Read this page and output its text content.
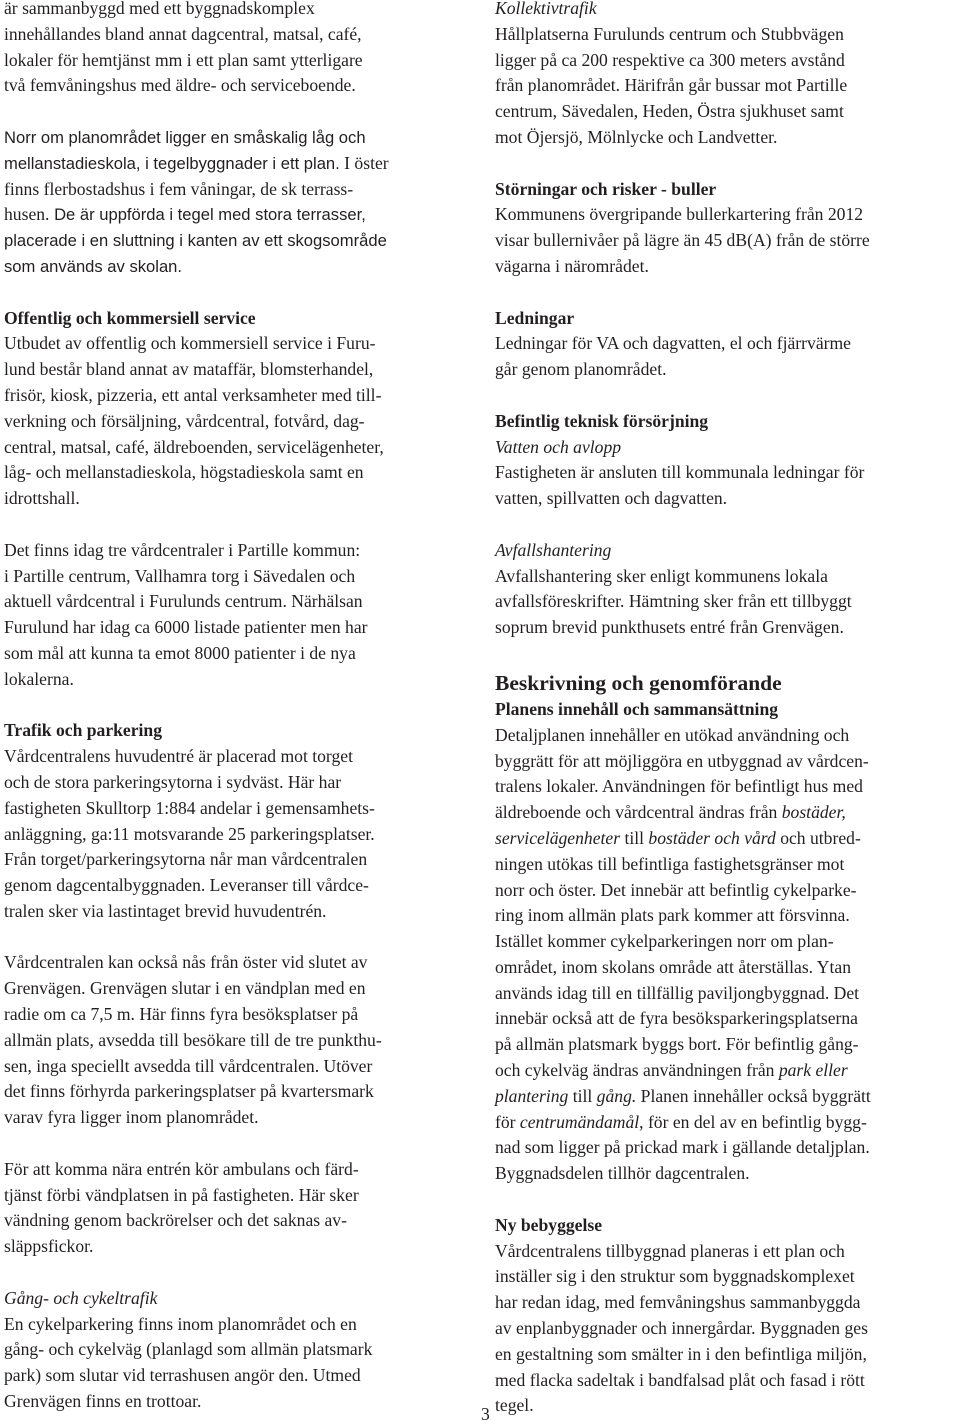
är sammanbyggd med ett byggnadskomplex

innehållandes bland annat dagcentral, matsal, café,

lokaler för hemtjänst mm i ett plan samt ytterligare

två femvåningshus med äldre- och serviceboende.

Norr om planområdet ligger en småskalig låg och

mellanstadieskola, i tegelbyggnader i ett plan. I öster

finns flerbostadshus i fem våningar, de sk terrass-

husen. De är uppförda i tegel med stora terrasser,

placerade i en sluttning i kanten av ett skogsområde

som används av skolan.

Offentlig och kommersiell service

Utbudet av offentlig och kommersiell service i Furu-

lund består bland annat av mataffär, blomsterhandel,

frisör, kiosk, pizzeria, ett antal verksamheter med till-

verkning och försäljning, vårdcentral, fotvård, dag-

central, matsal, café, äldreboenden, servicelägenheter,

låg- och mellanstadieskola, högstadieskola samt en

idrottshall.

Det finns idag tre vårdcentraler i Partille kommun:

i Partille centrum, Vallhamra torg i Sävedalen och

aktuell vårdcentral i Furulunds centrum. Närhälsan

Furulund har idag ca 6000 listade patienter men har

som mål att kunna ta emot 8000 patienter i de nya

lokalerna.

Trafik och parkering

Vårdcentralens huvudentré är placerad mot torget

och de stora parkeringsytorna i sydväst. Här har

fastigheten Skulltorp 1:884 andelar i gemensamhets-

anläggning, ga:11 motsvarande 25 parkeringsplatser.

Från torget/parkeringsytorna når man vårdcentralen

genom dagcentalbyggnaden. Leveranser till vårdce-

tralen sker via lastintaget brevid huvudentrén.

Vårdcentralen kan också nås från öster vid slutet av

Grenvägen. Grenvägen slutar i en vändplan med en

radie om ca 7,5 m. Här finns fyra besöksplatser på

allmän plats, avsedda till besökare till de tre punkthu-

sen, inga speciellt avsedda till vårdcentralen. Utöver

det finns förhyrda parkeringsplatser på kvartersmark

varav fyra ligger inom planområdet.

För att komma nära entrén kör ambulans och färd-

tjänst förbi vändplatsen in på fastigheten. Här sker

vändning genom backrörelser och det saknas av-

släppsfickor.

Gång- och cykeltrafik

En cykelparkering finns inom planområdet och en

gång- och cykelväg (planlagd som allmän platsmark

park) som slutar vid terrashusen angör den. Utmed

Grenvägen finns en trottoar.

Kollektivtrafik

Hållplatserna Furulunds centrum och Stubbvägen

ligger på ca 200 respektive ca 300 meters avstånd

från planområdet. Härifrån går bussar mot Partille

centrum, Sävedalen, Heden, Östra sjukhuset samt

mot Öjersjö, Mölnlycke och Landvetter.

Störningar och risker - buller

Kommunens övergripande bullerkartering från 2012

visar bullernivåer på lägre än 45 dB(A) från de större

vägarna i närområdet.

Ledningar

Ledningar för VA och dagvatten, el och fjärrvärme

går genom planområdet.

Befintlig teknisk försörjning

Vatten och avlopp

Fastigheten är ansluten till kommunala ledningar för

vatten, spillvatten och dagvatten.

Avfallshantering

Avfallshantering sker enligt kommunens lokala

avfallsföreskrifter. Hämtning sker från ett tillbyggt

soprum brevid punkthusets entré från Grenvägen.

Beskrivning och genomförande

Planens innehåll och sammansättning

Detaljplanen innehåller en utökad användning och

byggrätt för att möjliggöra en utbyggnad av vårdcen-

tralens lokaler. Användningen för befintligt hus med

äldreboende och vårdcentral ändras från bostäder,

servicelägenheter till bostäder och vård och utbred-

ningen utökas till befintliga fastighetsgränser mot

norr och öster. Det innebär att befintlig cykelparke-

ring inom allmän plats park kommer att försvinna.

Istället kommer cykelparkeringen norr om plan-

området, inom skolans område att återställas. Ytan

används idag till en tillfällig paviljongbyggnad. Det

innebär också att de fyra besöksparkeringsplatserna

på allmän platsmark byggs bort. För befintlig gång-

och cykelväg ändras användningen från park eller

plantering till gång. Planen innehåller också byggrätt

för centrumändamål, för en del av en befintlig bygg-

nad som ligger på prickad mark i gällande detaljplan.

Byggnadsdelen tillhör dagcentralen.

Ny bebyggelse

Vårdcentralens tillbyggnad planeras i ett plan och

inställer sig i den struktur som byggnadskomplexet

har redan idag, med femvåningshus sammanbyggda

av enplanbyggnader och innergårdar. Byggnaden ges

en gestaltning som smälter in i den befintliga miljön,

med flacka sadeltak i bandfalsad plåt och fasad i rött

tegel.

3
